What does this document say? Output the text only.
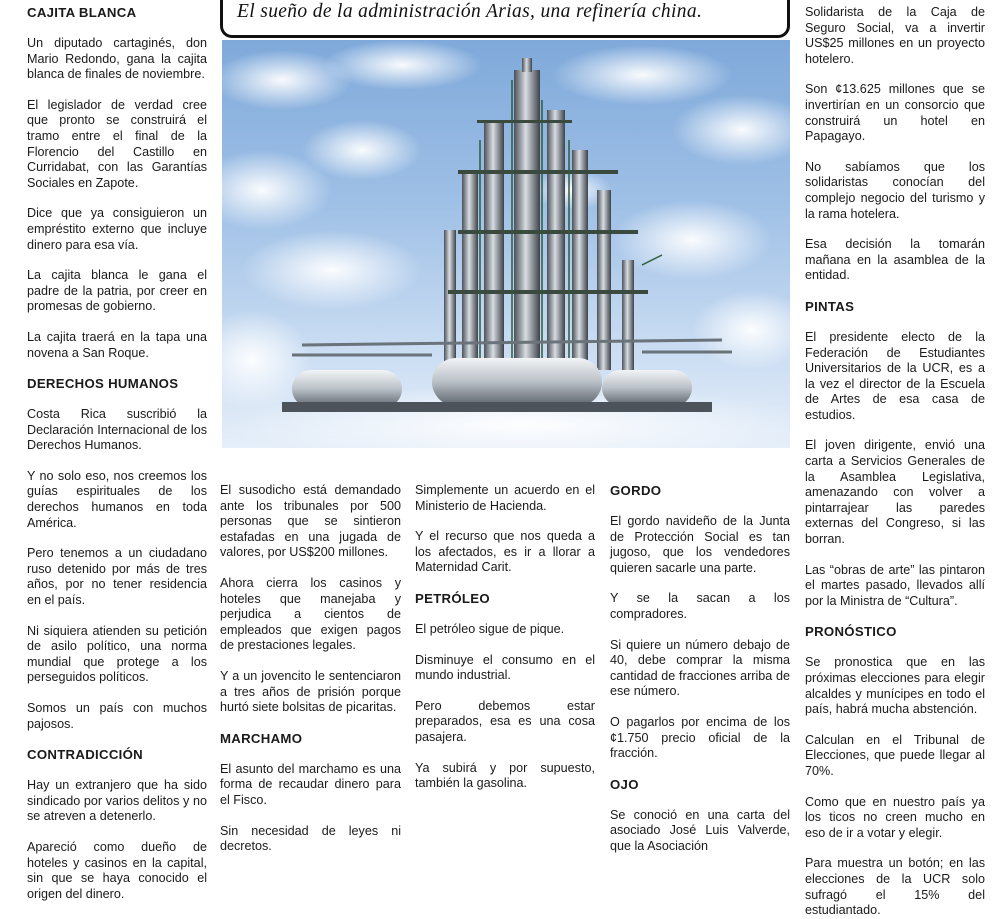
El sueño de la administración Arias, una refinería china.
CAJITA BLANCA

Un diputado cartaginés, don Mario Redondo, gana la cajita blanca de finales de noviembre.

El legislador de verdad cree que pronto se construirá el tramo entre el final de la Florencio del Castillo en Curridabat, con las Garantías Sociales en Zapote.

Dice que ya consiguieron un empréstito externo que incluye dinero para esa vía.

La cajita blanca le gana el padre de la patria, por creer en promesas de gobierno.

La cajita traerá en la tapa una novena a San Roque.

DERECHOS HUMANOS

Costa Rica suscribió la Declaración Internacional de los Derechos Humanos.

Y no solo eso, nos creemos los guías espirituales de los derechos humanos en toda América.

Pero tenemos a un ciudadano ruso detenido por más de tres años, por no tener residencia en el país.

Ni siquiera atienden su petición de asilo político, una norma mundial que protege a los perseguidos políticos.

Somos un país con muchos pajosos.

CONTRADICCIÓN

Hay un extranjero que ha sido sindicado por varios delitos y no se atreven a detenerlo.

Apareció como dueño de hoteles y casinos en la capital, sin que se haya conocido el origen del dinero.

El susodicho está demandado ante los tribunales por 500 personas que se sintieron estafadas en una jugada de valores, por US$200 millones.

Ahora cierra los casinos y hoteles que manejaba y perjudica a cientos de empleados que exigen pagos de prestaciones legales.

Y a un jovencito le sentenciaron a tres años de prisión porque hurtó siete bolsitas de picaritas.

MARCHAMO

El asunto del marchamo es una forma de recaudar dinero para el Fisco.

Sin necesidad de leyes ni decretos.

Simplemente un acuerdo en el Ministerio de Hacienda.

Y el recurso que nos queda a los afectados, es ir a llorar a Maternidad Carit.

PETRÓLEO

El petróleo sigue de pique.

Disminuye el consumo en el mundo industrial.

Pero debemos estar preparados, esa es una cosa pasajera.

Ya subirá y por supuesto, también la gasolina.

GORDO

El gordo navideño de la Junta de Protección Social es tan jugoso, que los vendedores quieren sacarle una parte.

Y se la sacan a los compradores.

Si quiere un número debajo de 40, debe comprar la misma cantidad de fracciones arriba de ese número.

O pagarlos por encima de los ¢1.750 precio oficial de la fracción.

OJO

Se conoció en una carta del asociado José Luis Valverde, que la Asociación

Solidarista de la Caja de Seguro Social, va a invertir US$25 millones en un proyecto hotelero.

Son ¢13.625 millones que se invertirían en un consorcio que construirá un hotel en Papagayo.

No sabíamos que los solidaristas conocían del complejo negocio del turismo y la rama hotelera.

Esa decisión la tomarán mañana en la asamblea de la entidad.

PINTAS

El presidente electo de la Federación de Estudiantes Universitarios de la UCR, es a la vez el director de la Escuela de Artes de esa casa de estudios.

El joven dirigente, envió una carta a Servicios Generales de la Asamblea Legislativa, amenazando con volver a pintarrajear las paredes externas del Congreso, si las borran.

Las “obras de arte” las pintaron el martes pasado, llevados allí por la Ministra de “Cultura”.

PRONÓSTICO

Se pronostica que en las próximas elecciones para elegir alcaldes y munícipes en todo el país, habrá mucha abstención.

Calculan en el Tribunal de Elecciones, que puede llegar al 70%.

Como que en nuestro país ya los ticos no creen mucho en eso de ir a votar y elegir.

Para muestra un botón; en las elecciones de la UCR solo sufragó el 15% del estudiantado.
